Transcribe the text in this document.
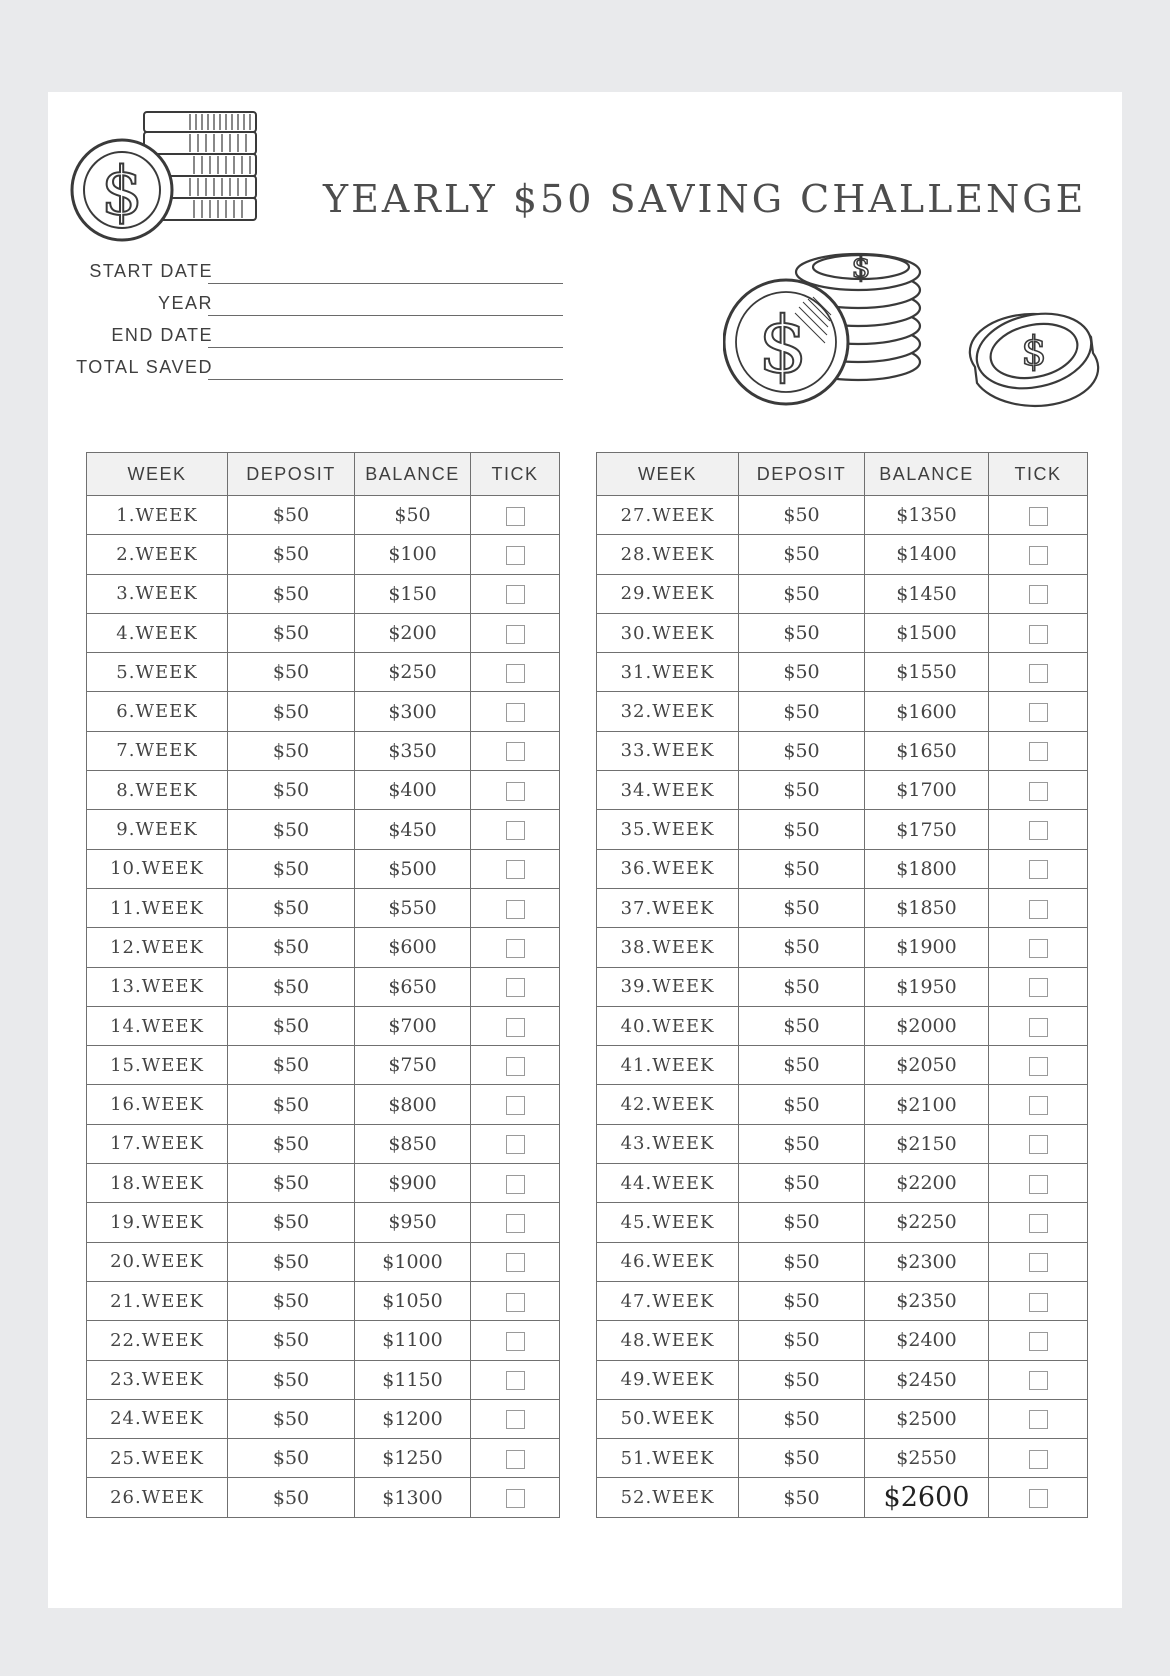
$	YEARLY $50 SAVING CHALLENGE
$
$	$
START DATE
YEAR
END DATE
TOTAL SAVED
WEEK	DEPOSIT	BALANCE	TICK
1.WEEK	$50	$50	
2.WEEK	$50	$100	
3.WEEK	$50	$150	
4.WEEK	$50	$200	
5.WEEK	$50	$250	
6.WEEK	$50	$300	
7.WEEK	$50	$350	
8.WEEK	$50	$400	
9.WEEK	$50	$450	
10.WEEK	$50	$500	
11.WEEK	$50	$550	
12.WEEK	$50	$600	
13.WEEK	$50	$650	
14.WEEK	$50	$700	
15.WEEK	$50	$750	
16.WEEK	$50	$800	
17.WEEK	$50	$850	
18.WEEK	$50	$900	
19.WEEK	$50	$950	
20.WEEK	$50	$1000	
21.WEEK	$50	$1050	
22.WEEK	$50	$1100	
23.WEEK	$50	$1150	
24.WEEK	$50	$1200	
25.WEEK	$50	$1250	
26.WEEK	$50	$1300	
WEEK	DEPOSIT	BALANCE	TICK
27.WEEK	$50	$1350	
28.WEEK	$50	$1400	
29.WEEK	$50	$1450	
30.WEEK	$50	$1500	
31.WEEK	$50	$1550	
32.WEEK	$50	$1600	
33.WEEK	$50	$1650	
34.WEEK	$50	$1700	
35.WEEK	$50	$1750	
36.WEEK	$50	$1800	
37.WEEK	$50	$1850	
38.WEEK	$50	$1900	
39.WEEK	$50	$1950	
40.WEEK	$50	$2000	
41.WEEK	$50	$2050	
42.WEEK	$50	$2100	
43.WEEK	$50	$2150	
44.WEEK	$50	$2200	
45.WEEK	$50	$2250	
46.WEEK	$50	$2300	
47.WEEK	$50	$2350	
48.WEEK	$50	$2400	
49.WEEK	$50	$2450	
50.WEEK	$50	$2500	
51.WEEK	$50	$2550	
52.WEEK	$50	$2600	
